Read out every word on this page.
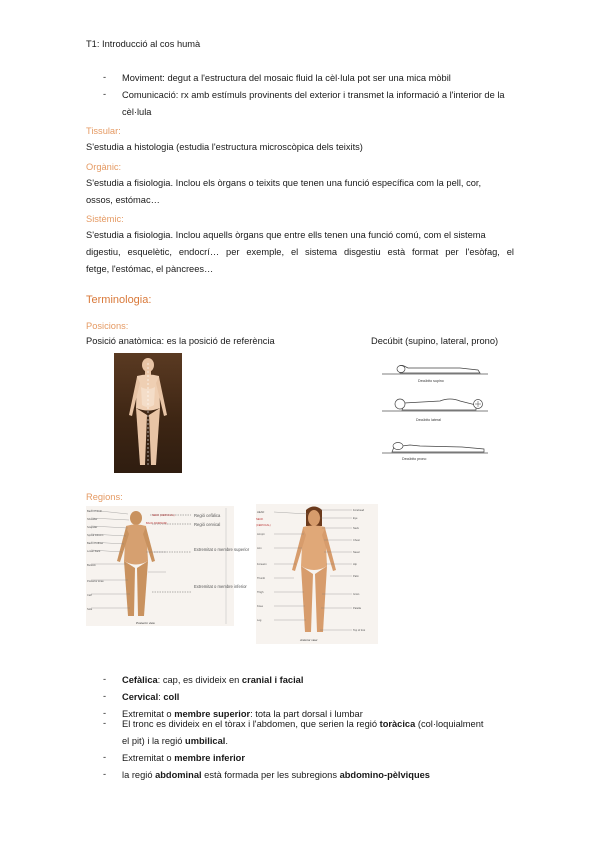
T1: Introducció al cos humà
- Moviment: degut a l'estructura del mosaic fluid la cèl·lula pot ser una mica mòbil
- Comunicació: rx amb estímuls provinents del exterior i transmet la informació a l'interior de la cèl·lula
Tissular:
S'estudia a histologia (estudia l'estructura microscòpica dels teixits)
Orgànic:
S'estudia a fisiologia. Inclou els òrgans o teixits que tenen una funció específica com la pell, cor,
ossos, estómac…
Sistèmic:
S'estudia a fisiologia. Inclou aquells òrgans que entre ells tenen una funció comú, com el sistema
digestiu, esquelètic, endocrí… per exemple, el sistema disgestiu està format per l'esòfag, el
fetge, l'estómac, el pàncrees…
Terminologia:
Posicions:
Posició anatòmica: es la posició de referència	Decúbit (supino, lateral, prono)
Decúbito supino
Decúbito lateral
Decúbito prono
Regions:
Back of skull
Shoulder
Scapular
Spinal column
Back of elbow
Lower back
Buttock
Posterior knee
Calf
Sole
NECK (CERVICAL)
BACK (DORSUM)
Posterior view
Regió cefàlica
Regió cervical
Extremitat o membre superior
Extremitat o membre inferior
HEAD
Armpit
Arm
Forearm
Thumb
Thigh
Knee
Leg
Forehead
Eye
Neck
Chest
Navel
Hip
Palm
Groin
Patella
Top of foot
NECK
(CERVICAL)
Anterior view
- Cefàlica: cap, es divideix en cranial i facial
- Cervical: coll
- Extremitat o membre superior: tota la part dorsal i lumbar
- El tronc es divideix en el tòrax i l'abdomen, que serien la regió toràcica (col·loquialment
el pit) i la regió umbilical.
- Extremitat o membre inferior
- la regió abdominal està formada per les subregions abdomino-pèlviques
